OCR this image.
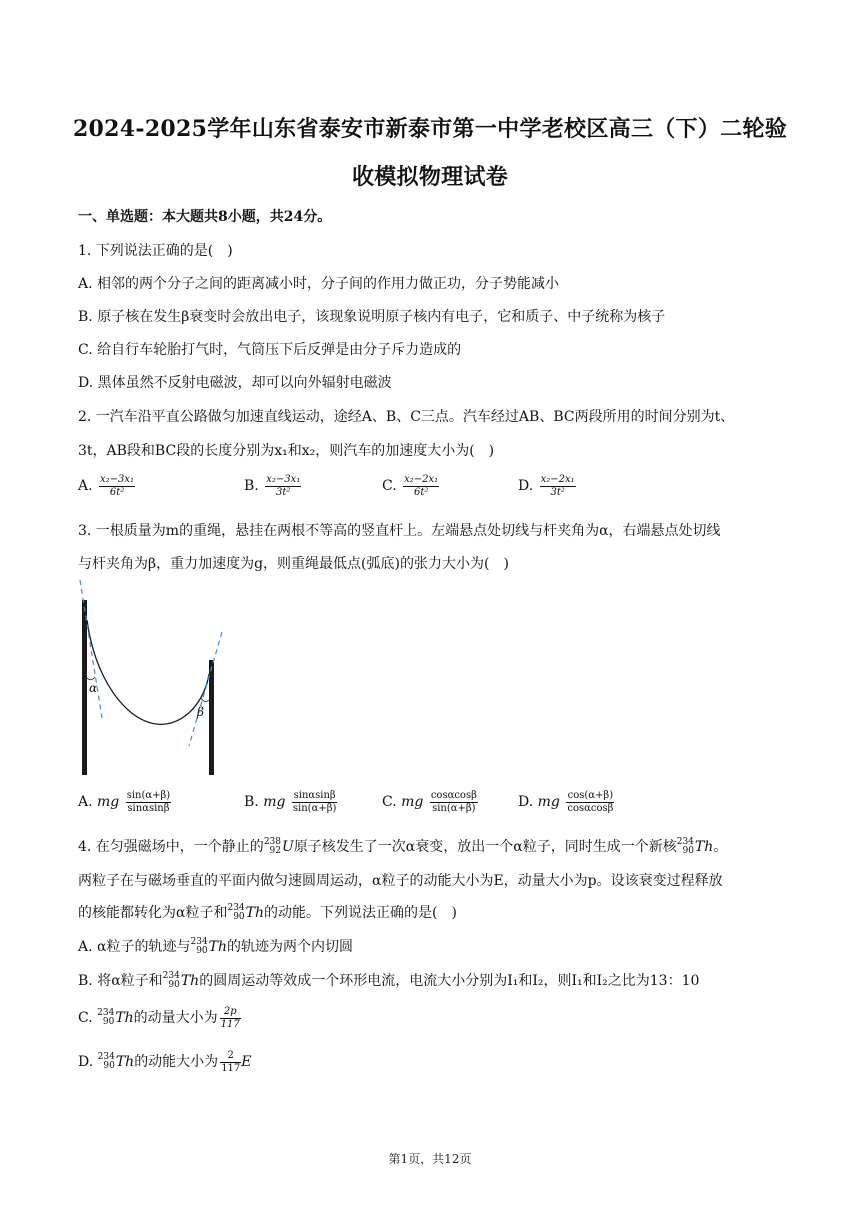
2024-2025学年山东省泰安市新泰市第一中学老校区高三（下）二轮验
收模拟物理试卷
一、单选题：本大题共8小题，共24分。
1. 下列说法正确的是(　)
A. 相邻的两个分子之间的距离减小时，分子间的作用力做正功，分子势能减小
B. 原子核在发生β衰变时会放出电子，该现象说明原子核内有电子，它和质子、中子统称为核子
C. 给自行车轮胎打气时，气筒压下后反弹是由分子斥力造成的
D. 黑体虽然不反射电磁波，却可以向外辐射电磁波
2. 一汽车沿平直公路做匀加速直线运动，途经A、B、C三点。汽车经过AB、BC两段所用的时间分别为t、
3t，AB段和BC段的长度分别为x₁和x₂，则汽车的加速度大小为(　)
A. $\frac{\text{x₂−3x₁}}{\text{6t²}}$	B. $\frac{\text{x₂−3x₁}}{\text{3t²}}$	C. $\frac{\text{x₂−2x₁}}{\text{6t²}}$	D. $\frac{\text{x₂−2x₁}}{\text{3t²}}$
3. 一根质量为m的重绳，悬挂在两根不等高的竖直杆上。左端悬点处切线与杆夹角为α，右端悬点处切线
与杆夹角为β，重力加速度为g，则重绳最低点(弧底)的张力大小为(　)
α
β
A. mg $\frac{\sin(\alpha+\beta)}{\sin\alpha\sin\beta}$	B. mg $\frac{\sin\alpha\sin\beta}{\sin(\alpha+\beta)}$	C. mg $\frac{\cos\alpha\cos\beta}{\sin(\alpha+\beta)}$	D. mg $\frac{\cos(\alpha+\beta)}{\cos\alpha\cos\beta}$
4. 在匀强磁场中，一个静止的 238
92 U原子核发生了一次α衰变，放出一个α粒子，同时生成一个新核 234
90 Th。
两粒子在与磁场垂直的平面内做匀速圆周运动，α粒子的动能大小为E，动量大小为p。设该衰变过程释放
的核能都转化为α粒子和 234
90 Th的动能。下列说法正确的是(　)
A. α粒子的轨迹与 234
90 Th的轨迹为两个内切圆
B. 将α粒子和 234
90 Th的圆周运动等效成一个环形电流，电流大小分别为I₁和I₂，则I₁和I₂之比为13：10
C. 234
90 Th的动量大小为 $\frac{2p}{117}$
D. 234
90 Th的动能大小为 $\frac{2}{117}$ E
第1页，共12页
